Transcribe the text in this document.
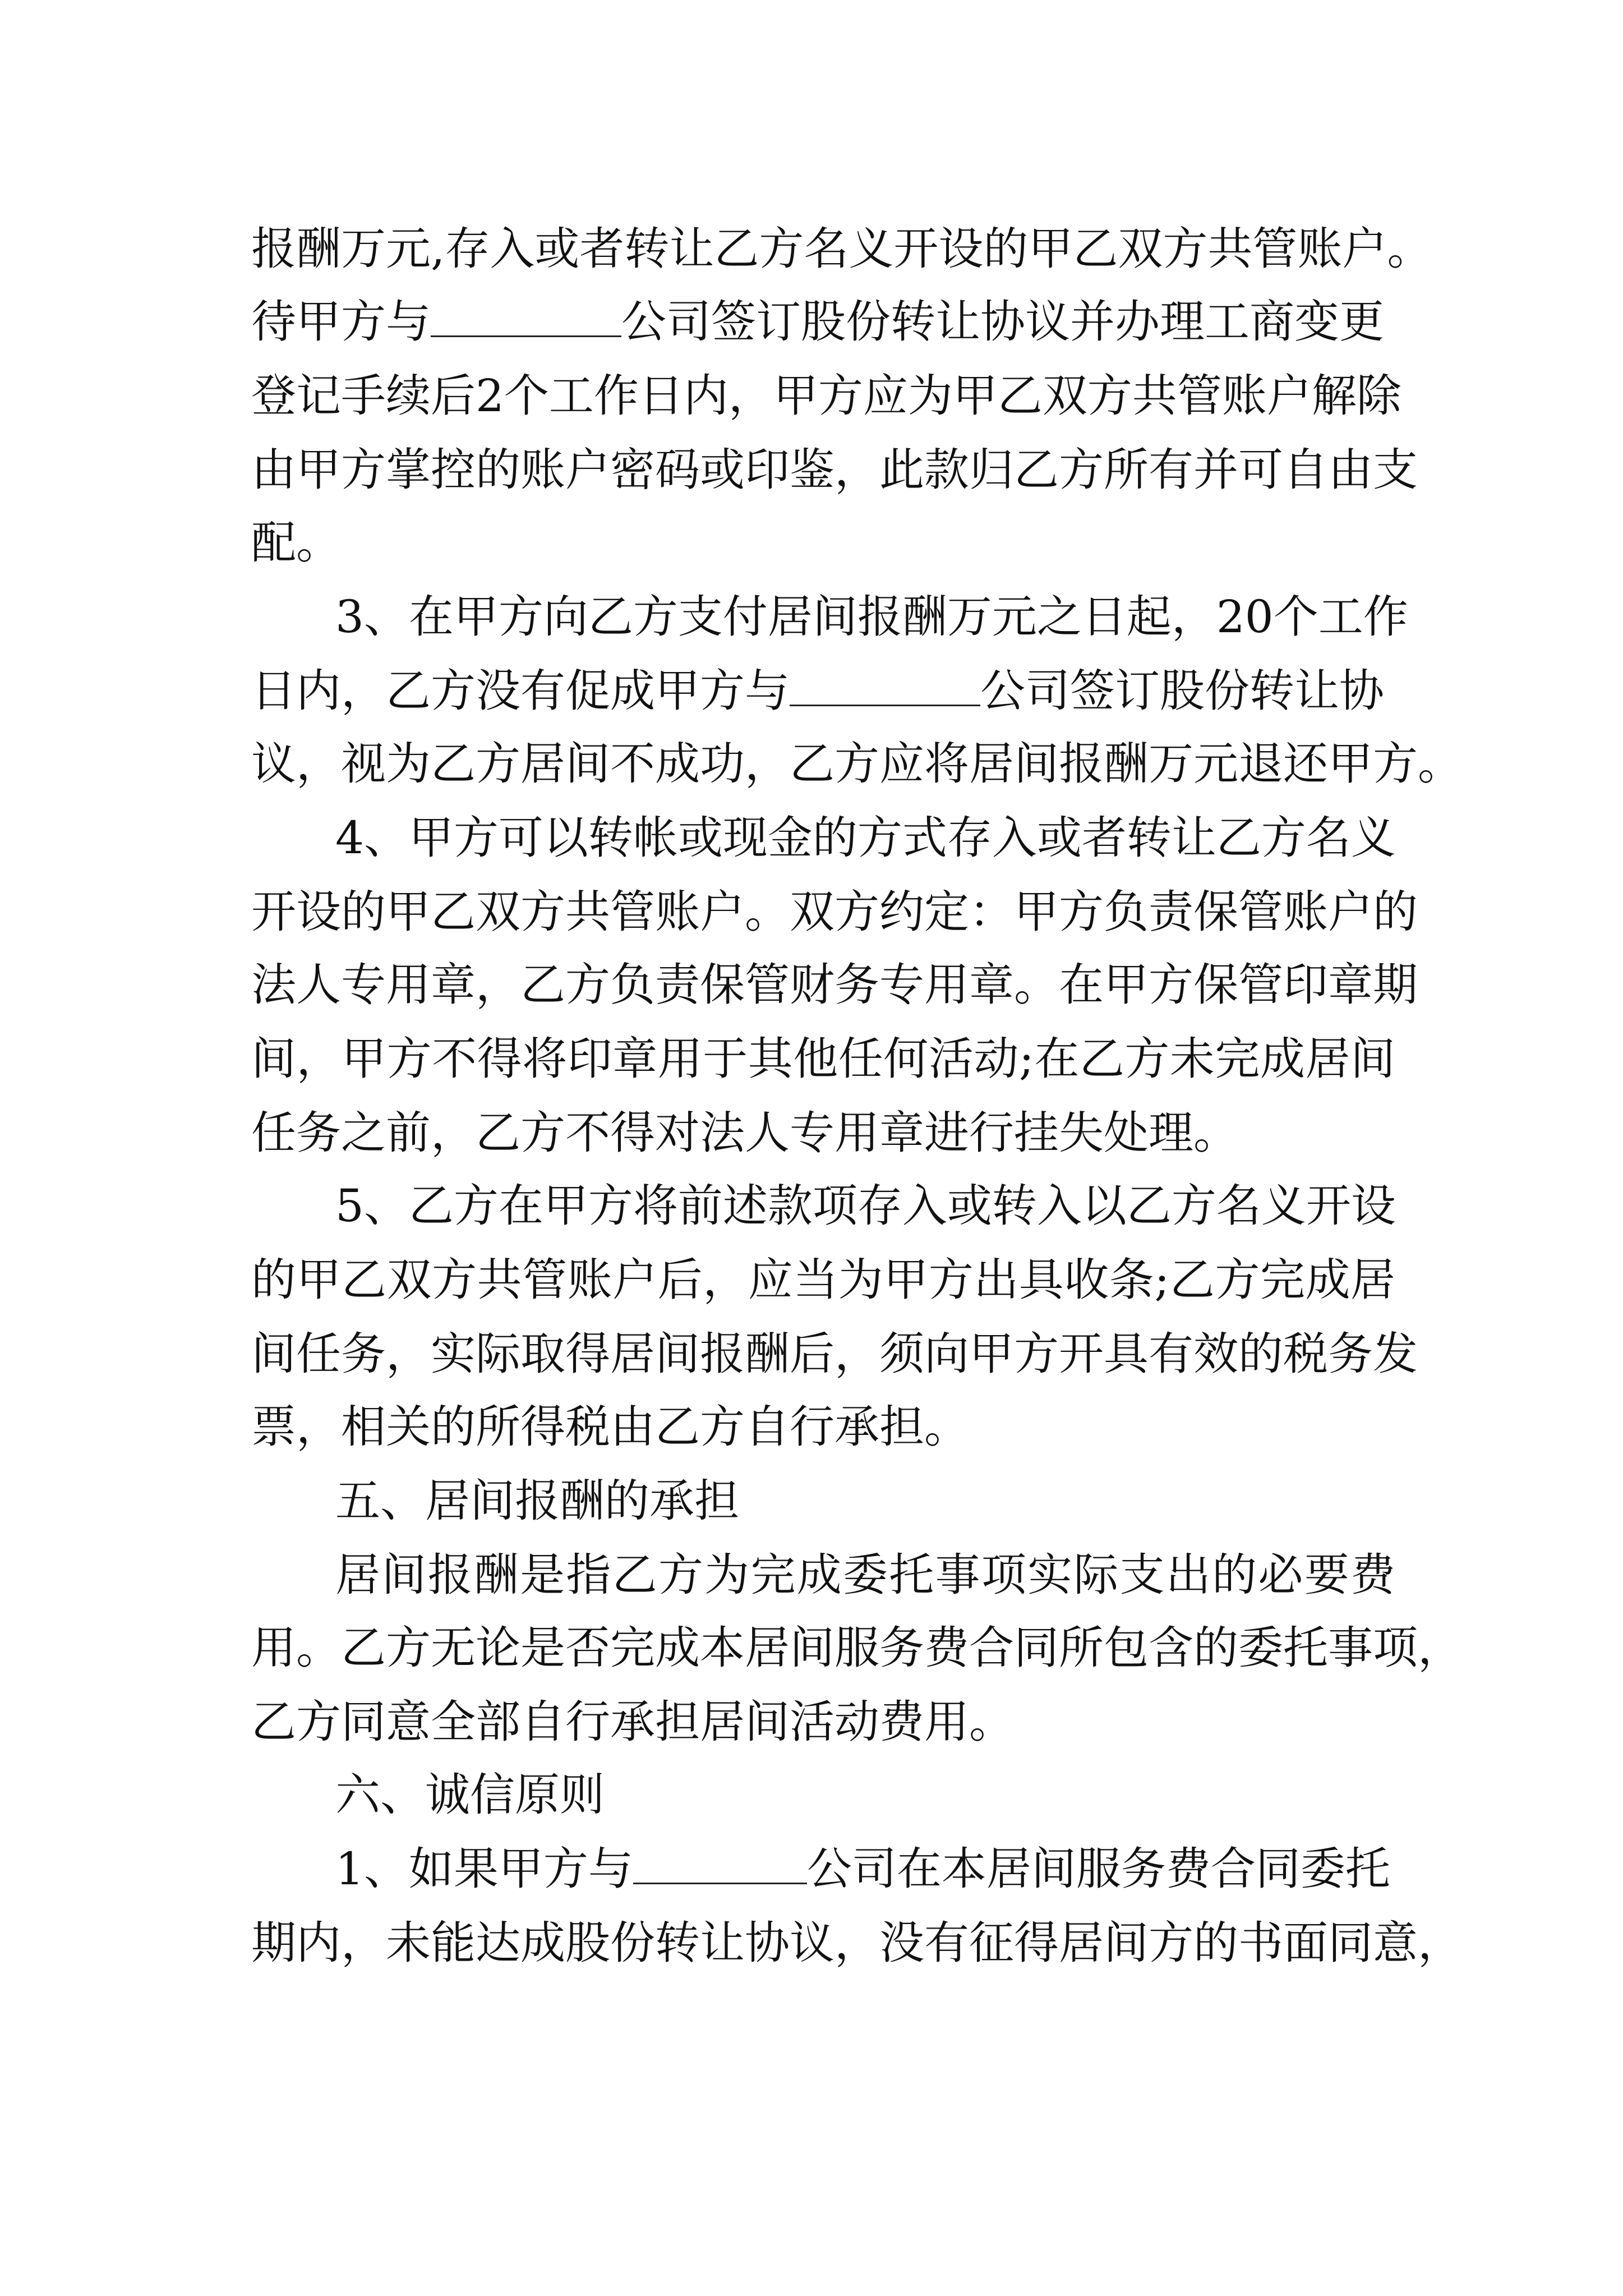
报酬万元,存入或者转让乙方名义开设的甲乙双方共管账户。
待甲方与	公司签订股份转让协议并办理工商变更
登记手续后2个工作日内，甲方应为甲乙双方共管账户解除
由甲方掌控的账户密码或印鉴，此款归乙方所有并可自由支
配。
3、在甲方向乙方支付居间报酬万元之日起，20个工作
日内，乙方没有促成甲方与	公司签订股份转让协
议，视为乙方居间不成功，乙方应将居间报酬万元退还甲方。
4、甲方可以转帐或现金的方式存入或者转让乙方名义
开设的甲乙双方共管账户。双方约定：甲方负责保管账户的
法人专用章，乙方负责保管财务专用章。在甲方保管印章期
间，甲方不得将印章用于其他任何活动;在乙方未完成居间
任务之前，乙方不得对法人专用章进行挂失处理。
5、乙方在甲方将前述款项存入或转入以乙方名义开设
的甲乙双方共管账户后，应当为甲方出具收条;乙方完成居
间任务，实际取得居间报酬后，须向甲方开具有效的税务发
票，相关的所得税由乙方自行承担。
五、居间报酬的承担
居间报酬是指乙方为完成委托事项实际支出的必要费
用。乙方无论是否完成本居间服务费合同所包含的委托事项，
乙方同意全部自行承担居间活动费用。
六、诚信原则
1、如果甲方与	公司在本居间服务费合同委托
期内，未能达成股份转让协议，没有征得居间方的书面同意，
